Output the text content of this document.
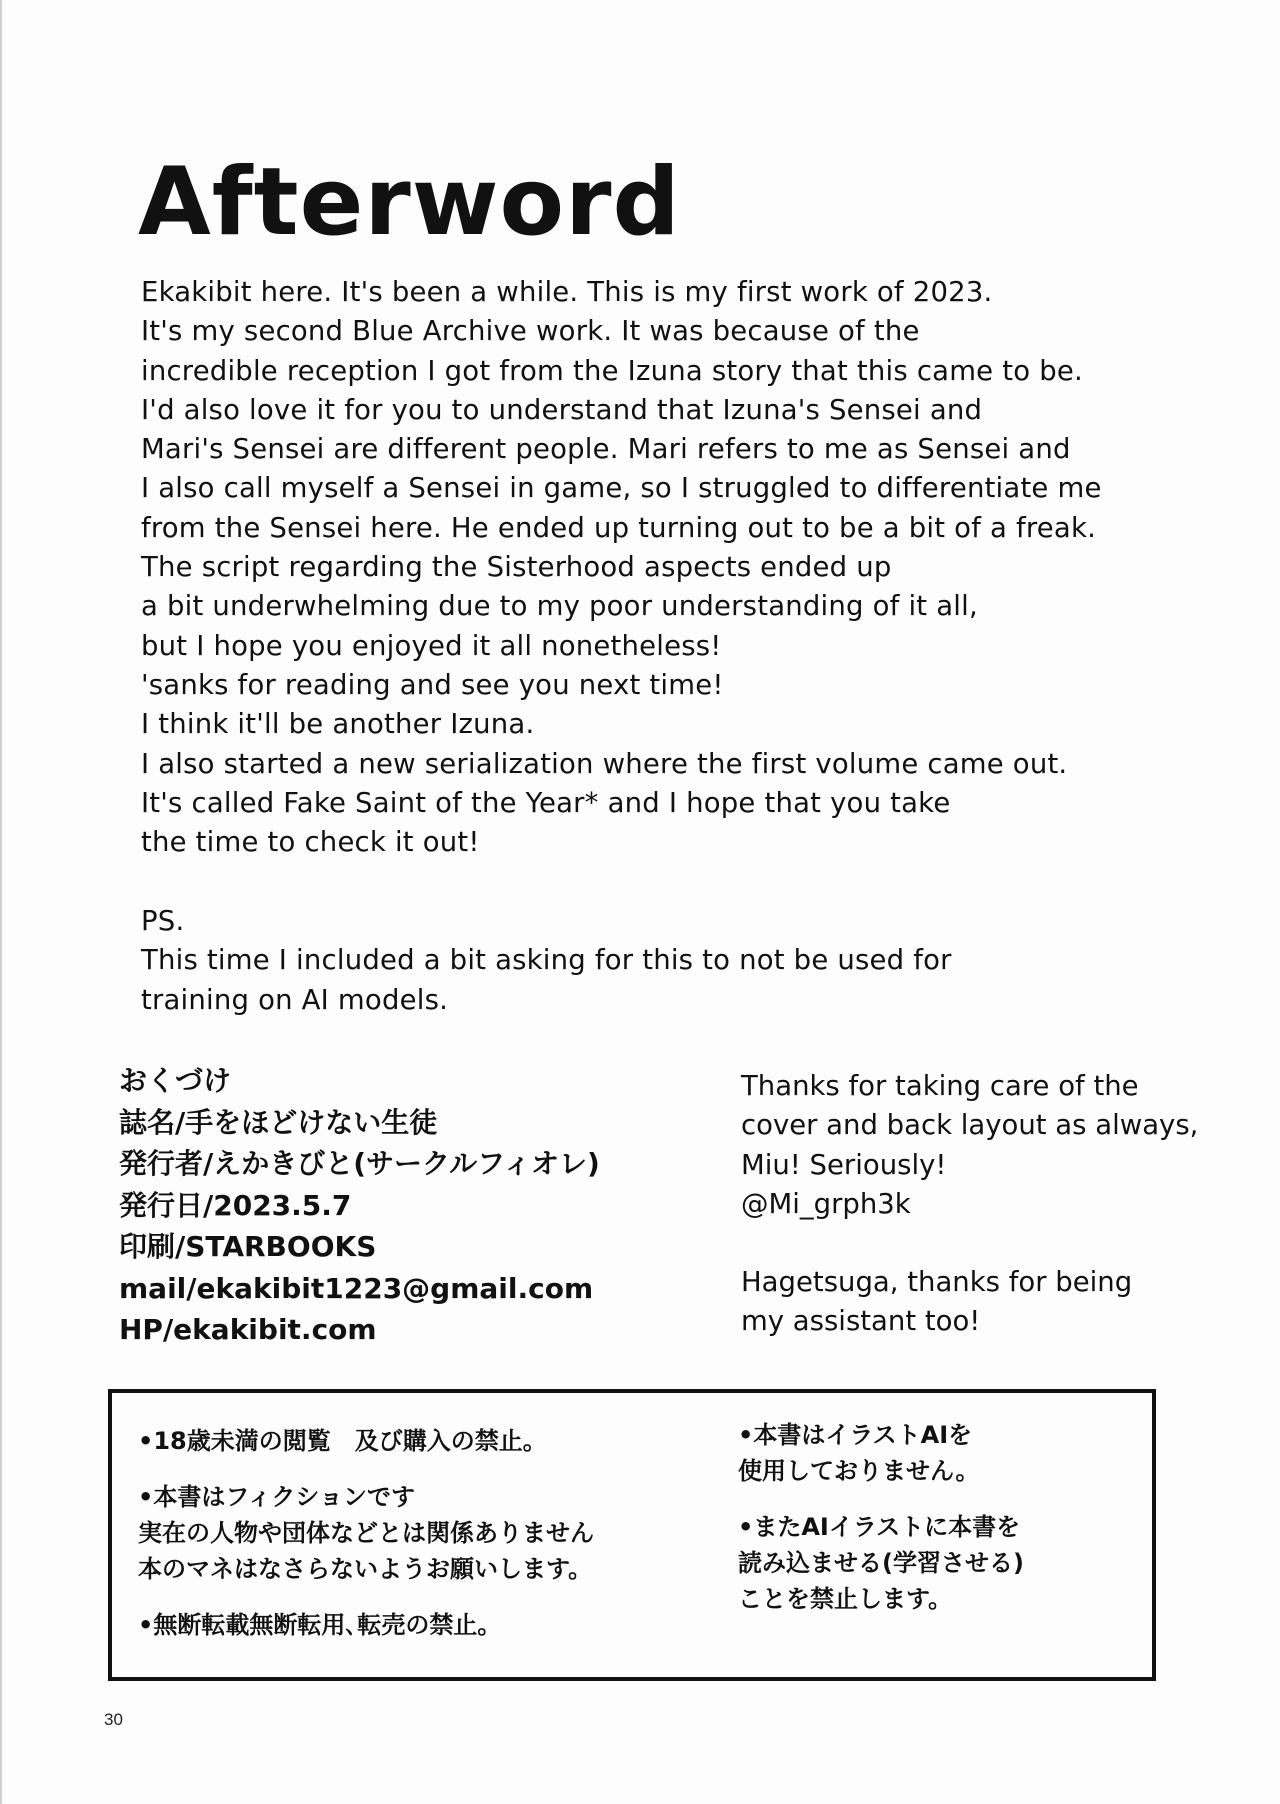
Afterword
Ekakibit here. It's been a while. This is my first work of 2023.
It's my second Blue Archive work. It was because of the
incredible reception I got from the Izuna story that this came to be.
I'd also love it for you to understand that Izuna's Sensei and
Mari's Sensei are different people. Mari refers to me as Sensei and
I also call myself a Sensei in game, so I struggled to differentiate me
from the Sensei here. He ended up turning out to be a bit of a freak.
The script regarding the Sisterhood aspects ended up
a bit underwhelming due to my poor understanding of it all,
but I hope you enjoyed it all nonetheless!
'sanks for reading and see you next time!
I think it'll be another Izuna.
I also started a new serialization where the first volume came out.
It's called Fake Saint of the Year* and I hope that you take
the time to check it out!
PS.
This time I included a bit asking for this to not be used for
training on AI models.
おくづけ
誌名/手をほどけない生徒
発行者/えかきびと(サークルフィオレ)
発行日/2023.5.7
印刷/STARBOOKS
mail/ekakibit1223@gmail.com
HP/ekakibit.com
Thanks for taking care of the
cover and back layout as always,
Miu! Seriously!
@Mi_grph3k
Hagetsuga, thanks for being
my assistant too!
•18歳未満の閲覧　及び購入の禁止。
•本書はフィクションです
実在の人物や団体などとは関係ありません
本のマネはなさらないようお願いします。
•無断転載無断転用､転売の禁止。
•本書はイラストAIを
使用しておりません。
•またAIイラストに本書を
読み込ませる(学習させる)
ことを禁止します。
30
